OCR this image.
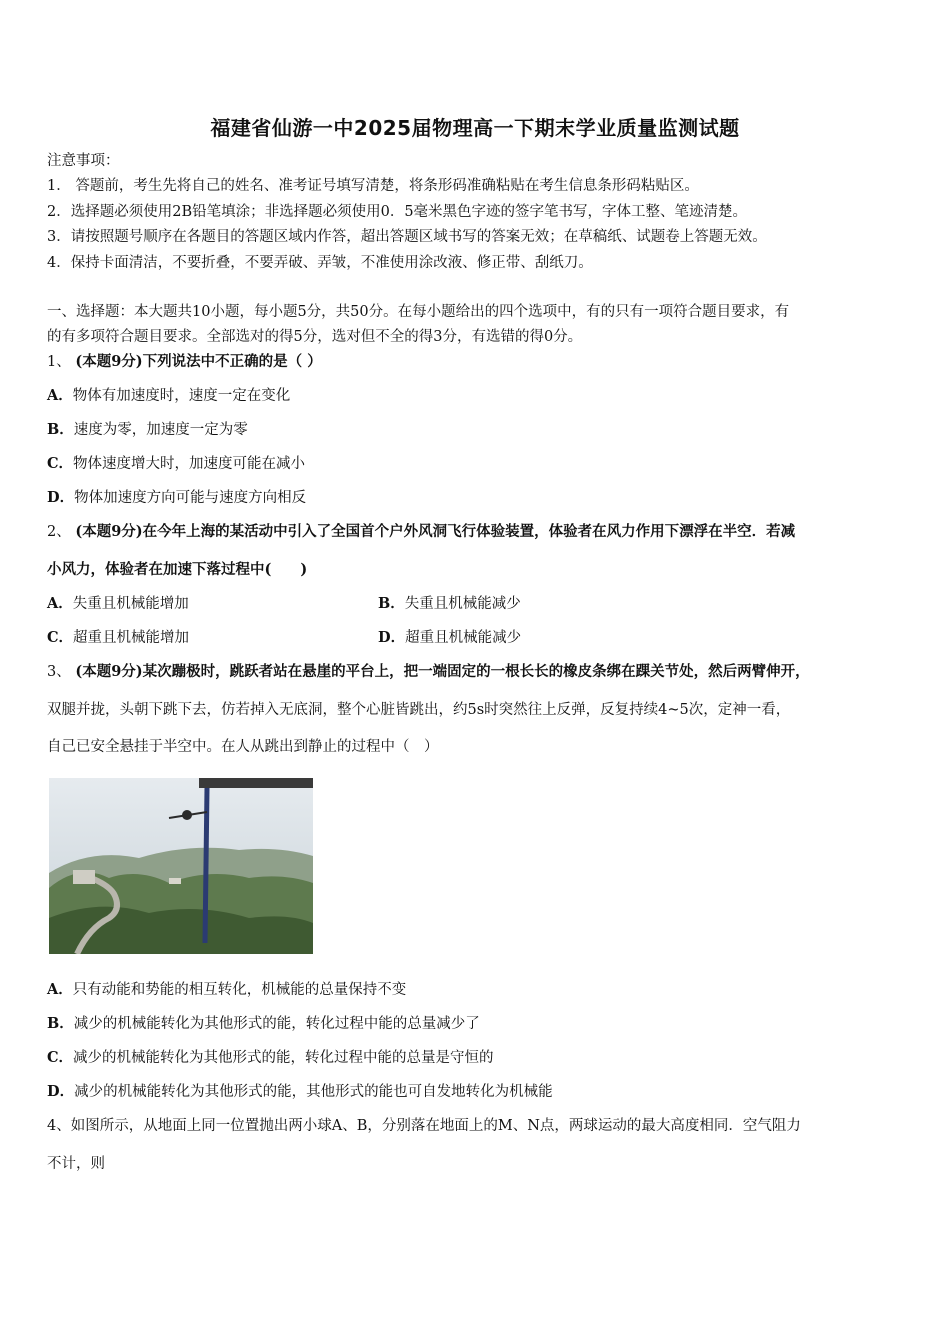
福建省仙游一中2025届物理高一下期末学业质量监测试题
注意事项：
1． 答题前，考生先将自己的姓名、准考证号填写清楚，将条形码准确粘贴在考生信息条形码粘贴区。
2．选择题必须使用2B铅笔填涂；非选择题必须使用0．5毫米黑色字迹的签字笔书写，字体工整、笔迹清楚。
3．请按照题号顺序在各题目的答题区域内作答，超出答题区域书写的答案无效；在草稿纸、试题卷上答题无效。
4．保持卡面清洁，不要折叠，不要弄破、弄皱，不准使用涂改液、修正带、刮纸刀。
一、选择题：本大题共10小题，每小题5分，共50分。在每小题给出的四个选项中，有的只有一项符合题目要求，有
的有多项符合题目要求。全部选对的得5分，选对但不全的得3分，有选错的得0分。
1、 (本题9分)下列说法中不正确的是（ ）
A．物体有加速度时，速度一定在变化
B．速度为零，加速度一定为零
C．物体速度增大时，加速度可能在减小
D．物体加速度方向可能与速度方向相反
2、 (本题9分)在今年上海的某活动中引入了全国首个户外风洞飞行体验装置，体验者在风力作用下漂浮在半空．若减
小风力，体验者在加速下落过程中(　　)
A．失重且机械能增加	B．失重且机械能减少
C．超重且机械能增加	D．超重且机械能减少
3、 (本题9分)某次蹦极时，跳跃者站在悬崖的平台上，把一端固定的一根长长的橡皮条绑在踝关节处，然后两臂伸开，
双腿并拢，头朝下跳下去，仿若掉入无底洞，整个心脏皆跳出，约5s时突然往上反弹，反复持续4~5次，定神一看，
自己已安全悬挂于半空中。在人从跳出到静止的过程中（　）
A．只有动能和势能的相互转化，机械能的总量保持不变
B．减少的机械能转化为其他形式的能，转化过程中能的总量减少了
C．减少的机械能转化为其他形式的能，转化过程中能的总量是守恒的
D．减少的机械能转化为其他形式的能，其他形式的能也可自发地转化为机械能
4、如图所示，从地面上同一位置抛出两小球A、B，分别落在地面上的M、N点，两球运动的最大高度相同．空气阻力
不计，则
